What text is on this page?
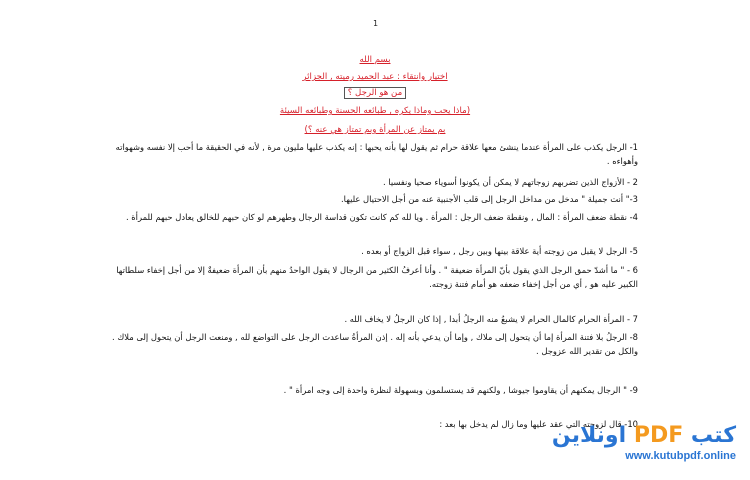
1
بسم الله
اختيار وانتقاء : عبد الحميد رميته , الجزائر
من هو الرجل ؟
(ماذا يحب وماذا يكره , طبائعه الحسنة وطبائعه السيئة
بم يمتاز عن المرأة وبم تمتاز هي عنه ؟)
1- الرجل يكذب على المرأة عندما ينشئ معها علاقة حرام ثم يقول لها بأنه يحبها : إنه يكذب عليها مليون مرة , لأنه في الحقيقة ما أحب إلا نفسه وشهواته وأهواءه .
2 - الأزواج الذين تضربهم زوجاتهم لا يمكن أن يكونوا أسوياء صحيا ونفسيا .
3-" أنت جميلة " مدخل من مداخل الرجل إلى قلب الأجنبية عنه من أجل الاحتيال عليها.
4- نقطة ضعف المرأة : المال , ونقطة ضعف الرجل : المرأة . ويا لله كم كانت تكون قداسة الرجال وطهرهم لو كان حبهم للخالق يعادل حبهم للمرأة .
5- الرجل لا يقبل من زوجته أية علاقة بينها وبين رجل , سواء قبل الزواج أو بعده .
6 - " ما أشدّ حمق الرجل الذي يقول بأنّ المرأة ضعيفة " . وأنا أعرفُ الكثير من الرجال لا يقول الواحدُ منهم بأن المرأة ضعيفةٌ إلا من أجل إخفاء سلطاتها الكبير عليه هو , أي من أجل إخفاء ضعفه هو أمام فتنة زوجته.
7 - المرأة الحرام كالمال الحرام لا يشبعُ منه الرجلُ أبدا , إذا كان الرجلُ لا يخاف الله .
8- الرجلُ بلا فتنة المرأة إما أن يتحول إلى ملاك , وإما أن يدعي بأنه إله . إذن المرأةُ ساعدت الرجل على التواضع لله , ومنعت الرجل أن يتحول إلى ملاك . والكل من تقدير الله عزوجل .
9- " الرجال يمكنهم أن يقاوموا جيوشا , ولكنهم قد يستسلمون وبسهولة لنظرة واحدة إلى وجه امرأة " .
10- قال لزوجته التي عقد عليها وما زال لم يدخل بها بعد :	كتب PDF اونلاين
www.kutubpdf.online
